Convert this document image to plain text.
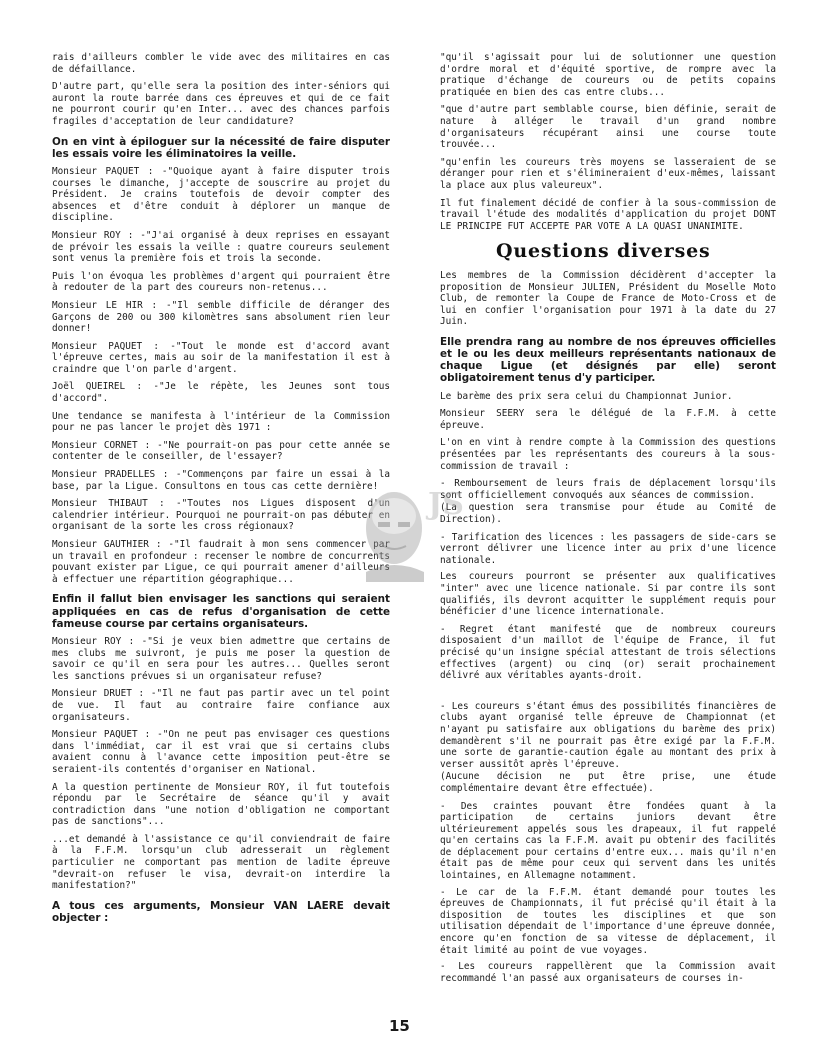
rais d'ailleurs combler le vide avec des militaires en cas de défaillance.

D'autre part, qu'elle sera la position des inter-séniors qui auront la route barrée dans ces épreuves et qui de ce fait ne pourront courir qu'en Inter... avec des chances parfois fragiles d'acceptation de leur candidature?

On en vint à épiloguer sur la nécessité de faire disputer les essais voire les éliminatoires la veille.

Monsieur PAQUET : -"Quoique ayant à faire disputer trois courses le dimanche, j'accepte de souscrire au projet du Président. Je crains toutefois de devoir compter des absences et d'être conduit à déplorer un manque de discipline.

Monsieur ROY : -"J'ai organisé à deux reprises en essayant de prévoir les essais la veille : quatre coureurs seulement sont venus la première fois et trois la seconde.

Puis l'on évoqua les problèmes d'argent qui pourraient être à redouter de la part des coureurs non-retenus...

Monsieur LE HIR : -"Il semble difficile de déranger des Garçons de 200 ou 300 kilomètres sans absolument rien leur donner!

Monsieur PAQUET : -"Tout le monde est d'accord avant l'épreuve certes, mais au soir de la manifestation il est à craindre que l'on parle d'argent.

Joël QUEIREL : -"Je le répète, les Jeunes sont tous d'accord".

Une tendance se manifesta à l'intérieur de la Commission pour ne pas lancer le projet dès 1971 :

Monsieur CORNET : -"Ne pourrait-on pas pour cette année se contenter de le conseiller, de l'essayer?

Monsieur PRADELLES : -"Commençons par faire un essai à la base, par la Ligue. Consultons en tous cas cette dernière!

Monsieur THIBAUT : -"Toutes nos Ligues disposent d'un calendrier intérieur. Pourquoi ne pourrait-on pas débuter en organisant de la sorte les cross régionaux?

Monsieur GAUTHIER : -"Il faudrait à mon sens commencer par un travail en profondeur : recenser le nombre de concurrents pouvant exister par Ligue, ce qui pourrait amener d'ailleurs à effectuer une répartition géographique...

Enfin il fallut bien envisager les sanctions qui seraient appliquées en cas de refus d'organisation de cette fameuse course par certains organisateurs.

Monsieur ROY : -"Si je veux bien admettre que certains de mes clubs me suivront, je puis me poser la question de savoir ce qu'il en sera pour les autres... Quelles seront les sanctions prévues si un organisateur refuse?

Monsieur DRUET : -"Il ne faut pas partir avec un tel point de vue. Il faut au contraire faire confiance aux organisateurs.

Monsieur PAQUET : -"On ne peut pas envisager ces questions dans l'immédiat, car il est vrai que si certains clubs avaient connu à l'avance cette imposition peut-être se seraient-ils contentés d'organiser en National.

A la question pertinente de Monsieur ROY, il fut toutefois répondu par le Secrétaire de séance qu'il y avait contradiction dans "une notion d'obligation ne comportant pas de sanctions"...

...et demandé à l'assistance ce qu'il conviendrait de faire à la F.F.M. lorsqu'un club adresserait un règlement particulier ne comportant pas mention de ladite épreuve "devrait-on refuser le visa, devrait-on interdire la manifestation?"

A tous ces arguments, Monsieur VAN LAERE devait objecter :

"qu'il s'agissait pour lui de solutionner une question d'ordre moral et d'équité sportive, de rompre avec la pratique d'échange de coureurs ou de petits copains pratiquée en bien des cas entre clubs...

"que d'autre part semblable course, bien définie, serait de nature à alléger le travail d'un grand nombre d'organisateurs récupérant ainsi une course toute trouvée...

"qu'enfin les coureurs très moyens se lasseraient de se déranger pour rien et s'élimineraient d'eux-mêmes, laissant la place aux plus valeureux".

Il fut finalement décidé de confier à la sous-commission de travail l'étude des modalités d'application du projet DONT LE PRINCIPE FUT ACCEPTE PAR VOTE A LA QUASI UNANIMITE.

Questions diverses

Les membres de la Commission décidèrent d'accepter la proposition de Monsieur JULIEN, Président du Moselle Moto Club, de remonter la Coupe de France de Moto-Cross et de lui en confier l'organisation pour 1971 à la date du 27 Juin.

Elle prendra rang au nombre de nos épreuves officielles et le ou les deux meilleurs représentants nationaux de chaque Ligue (et désignés par elle) seront obligatoirement tenus d'y participer.

Le barème des prix sera celui du Championnat Junior.

Monsieur SEERY sera le délégué de la F.F.M. à cette épreuve.

L'on en vint à rendre compte à la Commission des questions présentées par les représentants des coureurs à la sous-commission de travail :

- Remboursement de leurs frais de déplacement lorsqu'ils sont officiellement convoqués aux séances de commission.

(La question sera transmise pour étude au Comité de Direction).

- Tarification des licences : les passagers de side-cars se verront délivrer une licence inter au prix d'une licence nationale.

Les coureurs pourront se présenter aux qualificatives "inter" avec une licence nationale. Si par contre ils sont qualifiés, ils devront acquitter le supplément requis pour bénéficier d'une licence internationale.

- Regret étant manifesté que de nombreux coureurs disposaient d'un maillot de l'équipe de France, il fut précisé qu'un insigne spécial attestant de trois sélections effectives (argent) ou cinq (or) serait prochainement délivré aux véritables ayants-droit.

- Les coureurs s'étant émus des possibilités financières de clubs ayant organisé telle épreuve de Championnat (et n'ayant pu satisfaire aux obligations du barème des prix) demandèrent s'il ne pourrait pas être exigé par la F.F.M. une sorte de garantie-caution égale au montant des prix à verser aussitôt après l'épreuve.

(Aucune décision ne put être prise, une étude complémentaire devant être effectuée).

- Des craintes pouvant être fondées quant à la participation de certains juniors devant être ultérieurement appelés sous les drapeaux, il fut rappelé qu'en certains cas la F.F.M. avait pu obtenir des facilités de déplacement pour certains d'entre eux... mais qu'il n'en était pas de même pour ceux qui servent dans les unités lointaines, en Allemagne notamment.

- Le car de la F.F.M. étant demandé pour toutes les épreuves de Championnats, il fut précisé qu'il était à la disposition de toutes les disciplines et que son utilisation dépendait de l'importance d'une épreuve donnée, encore qu'en fonction de sa vitesse de déplacement, il était limité au point de vue voyages.

- Les coureurs rappellèrent que la Commission avait recommandé l'an passé aux organisateurs de courses in-

JS
15
